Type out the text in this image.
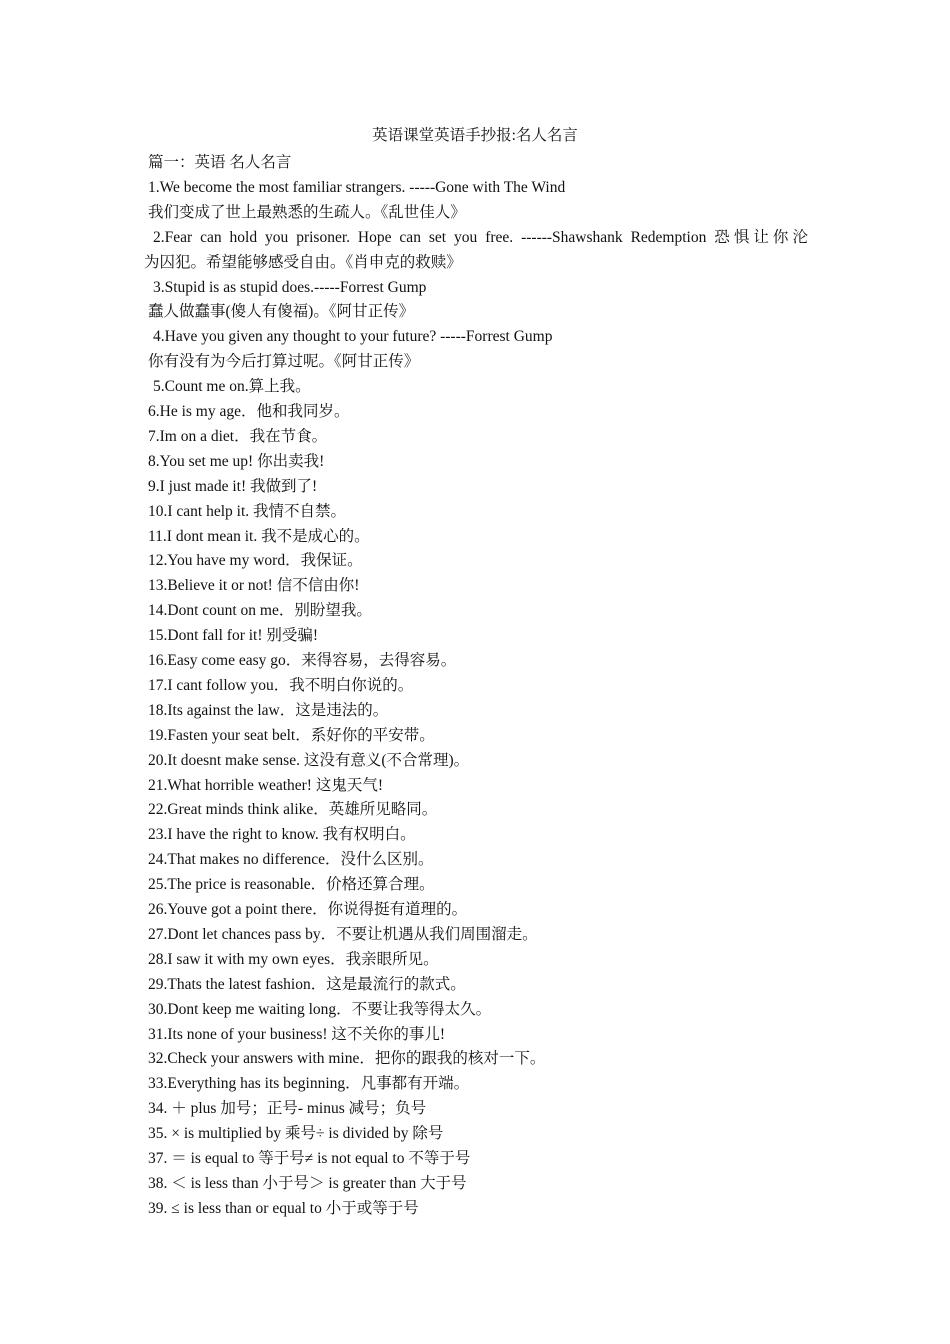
英语课堂英语手抄报:名人名言
篇一：英语 名人名言
1.We become the most familiar strangers. -----Gone with The Wind
我们变成了世上最熟悉的生疏人。《乱世佳人》
2.Fear can hold you prisoner. Hope can set you free. ------Shawshank Redemption 恐惧让你沦
为囚犯。希望能够感受自由。《肖申克的救赎》
3.Stupid is as stupid does.-----Forrest Gump
蠢人做蠢事(傻人有傻福)。《阿甘正传》
4.Have you given any thought to your future? -----Forrest Gump
你有没有为今后打算过呢。《阿甘正传》
5.Count me on.算上我。
6.He is my age．他和我同岁。
7.Im on a diet．我在节食。
8.You set me up! 你出卖我!
9.I just made it! 我做到了!
10.I cant help it. 我情不自禁。
11.I dont mean it. 我不是成心的。
12.You have my word．我保证。
13.Believe it or not! 信不信由你!
14.Dont count on me．别盼望我。
15.Dont fall for it! 别受骗!
16.Easy come easy go．来得容易，去得容易。
17.I cant follow you．我不明白你说的。
18.Its against the law．这是违法的。
19.Fasten your seat belt．系好你的平安带。
20.It doesnt make sense. 这没有意义(不合常理)。
21.What horrible weather! 这鬼天气!
22.Great minds think alike．英雄所见略同。
23.I have the right to know. 我有权明白。
24.That makes no difference．没什么区别。
25.The price is reasonable．价格还算合理。
26.Youve got a point there．你说得挺有道理的。
27.Dont let chances pass by．不要让机遇从我们周围溜走。
28.I saw it with my own eyes．我亲眼所见。
29.Thats the latest fashion．这是最流行的款式。
30.Dont keep me waiting long．不要让我等得太久。
31.Its none of your business! 这不关你的事儿!
32.Check your answers with mine．把你的跟我的核对一下。
33.Everything has its beginning．凡事都有开端。
34. ＋ plus 加号；正号- minus 减号；负号
35. × is multiplied by 乘号÷ is divided by 除号
37. ＝ is equal to 等于号≠ is not equal to 不等于号
38. ＜ is less than 小于号＞ is greater than 大于号
39. ≤ is less than or equal to 小于或等于号
